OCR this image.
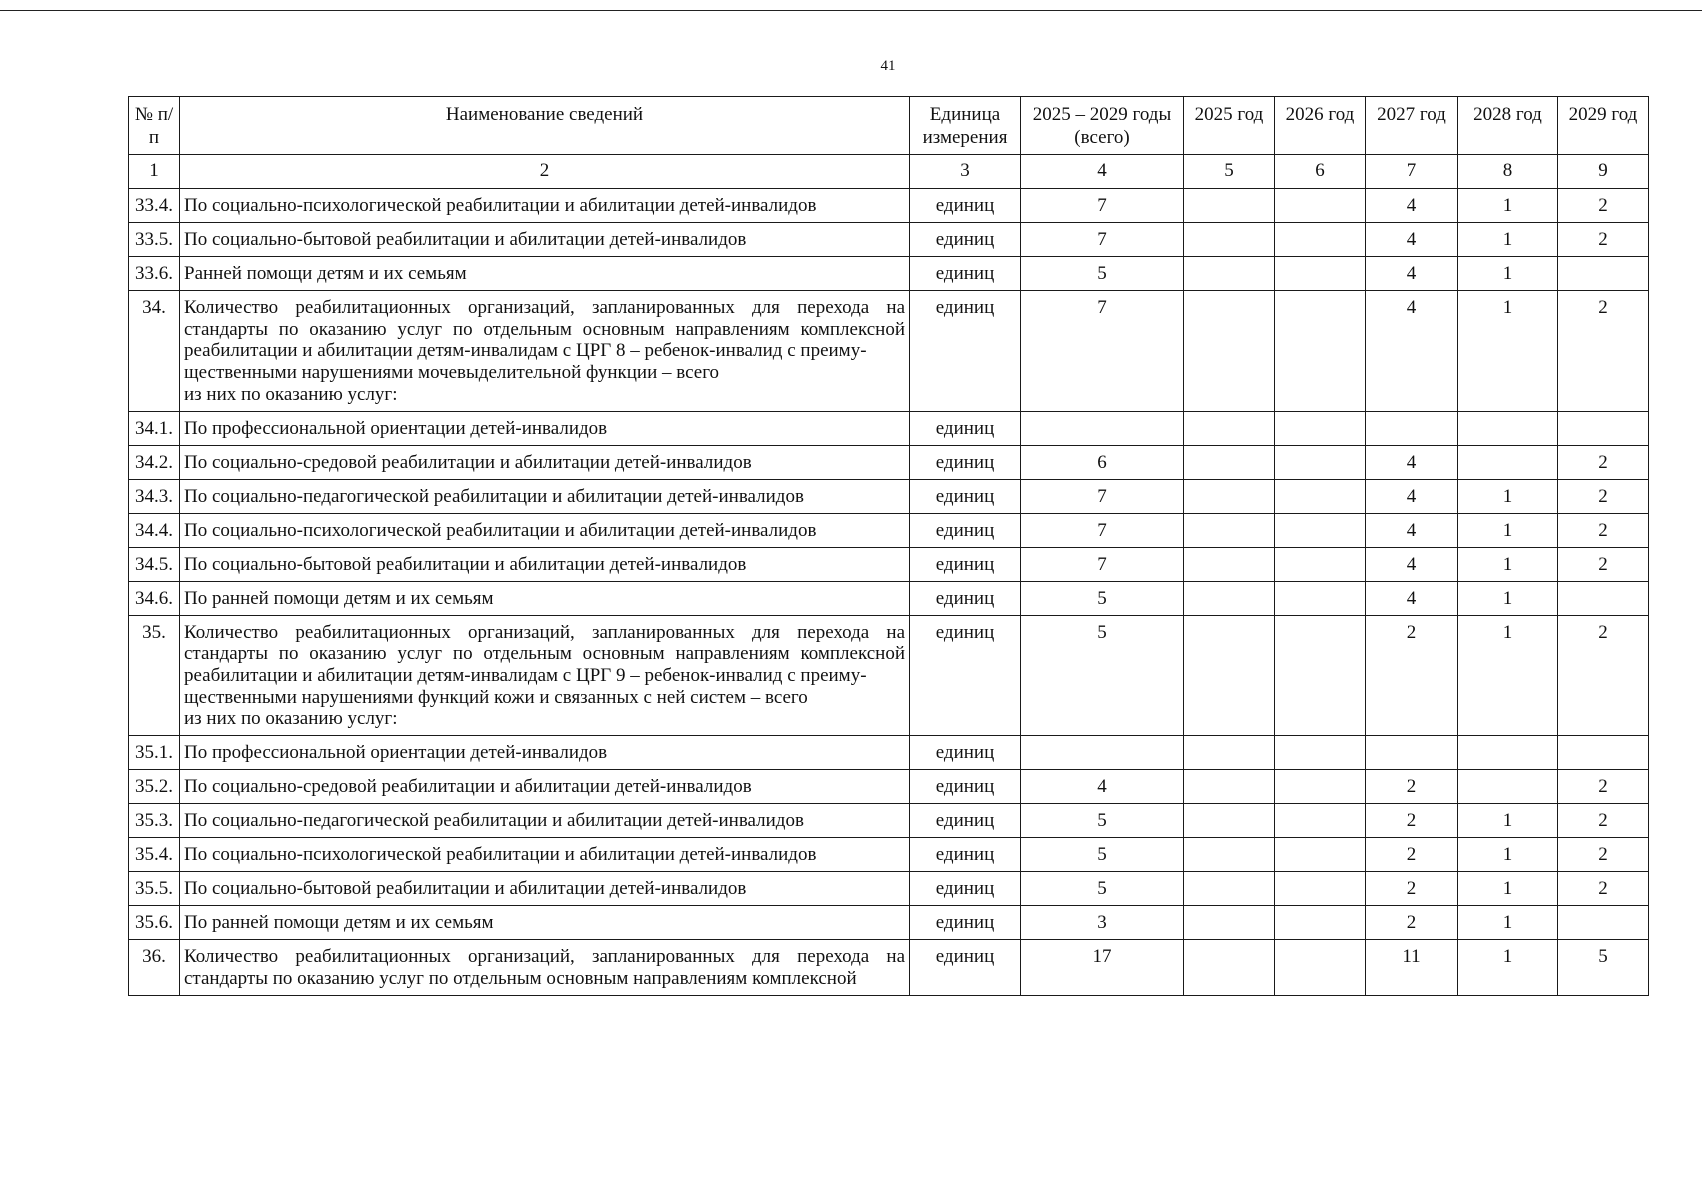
41
№ п/п	Наименование сведений	Единица измерения	2025 – 2029 годы (всего)	2025 год	2026 год	2027 год	2028 год	2029 год
1	2	3	4	5	6	7	8	9
33.4.	По социально-психологической реабилитации и абилитации детей-инвалидов	единиц	7			4	1	2
33.5.	По социально-бытовой реабилитации и абилитации детей-инвалидов	единиц	7			4	1	2
33.6.	Ранней помощи детям и их семьям	единиц	5			4	1	
34.	Количество реабилитационных организаций, запланированных для перехода на стандарты по оказанию услуг по отдельным основным направлениям комплексной реабилитации и абилитации детям-инвалидам с ЦРГ 8 – ребенок-инвалид с преиму-
щественными нарушениями мочевыделительной функции – всего
из них по оказанию услуг:	единиц	7			4	1	2
34.1.	По профессиональной ориентации детей-инвалидов	единиц						
34.2.	По социально-средовой реабилитации и абилитации детей-инвалидов	единиц	6			4		2
34.3.	По социально-педагогической реабилитации и абилитации детей-инвалидов	единиц	7			4	1	2
34.4.	По социально-психологической реабилитации и абилитации детей-инвалидов	единиц	7			4	1	2
34.5.	По социально-бытовой реабилитации и абилитации детей-инвалидов	единиц	7			4	1	2
34.6.	По ранней помощи детям и их семьям	единиц	5			4	1	
35.	Количество реабилитационных организаций, запланированных для перехода на стандарты по оказанию услуг по отдельным основным направлениям комплексной реабилитации и абилитации детям-инвалидам с ЦРГ 9 – ребенок-инвалид с преиму-
щественными нарушениями функций кожи и связанных с ней систем – всего
из них по оказанию услуг:	единиц	5			2	1	2
35.1.	По профессиональной ориентации детей-инвалидов	единиц						
35.2.	По социально-средовой реабилитации и абилитации детей-инвалидов	единиц	4			2		2
35.3.	По социально-педагогической реабилитации и абилитации детей-инвалидов	единиц	5			2	1	2
35.4.	По социально-психологической реабилитации и абилитации детей-инвалидов	единиц	5			2	1	2
35.5.	По социально-бытовой реабилитации и абилитации детей-инвалидов	единиц	5			2	1	2
35.6.	По ранней помощи детям и их семьям	единиц	3			2	1	
36.	Количество реабилитационных организаций, запланированных для перехода на стандарты по оказанию услуг по отдельным основным направлениям комплексной	единиц	17			11	1	5
